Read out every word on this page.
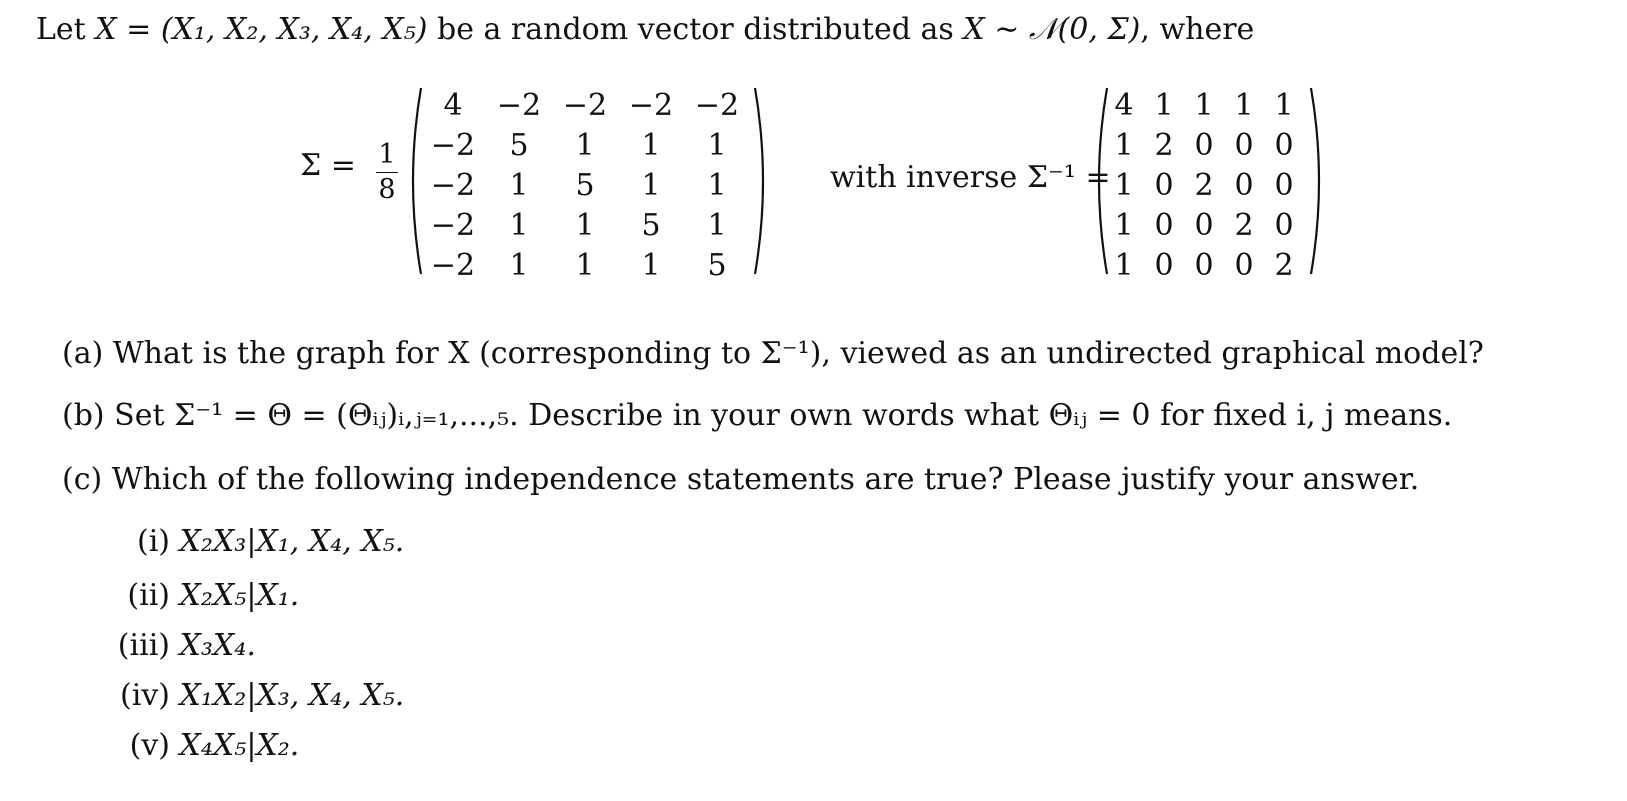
Let X = (X₁, X₂, X₃, X₄, X₅) be a random vector distributed as X ∼ 𝒩(0, Σ), where
Σ = 1
8
4 −2 −2 −2 −2
−2 5 1 1 1
−2 1 5 1 1
−2 1 1 5 1
−2 1 1 1 5
with inverse Σ⁻¹ =
4 1 1 1 1
1 2 0 0 0
1 0 2 0 0
1 0 0 2 0
1 0 0 0 2
(a) What is the graph for X (corresponding to Σ⁻¹), viewed as an undirected graphical model?
(b) Set Σ⁻¹ = Θ = (Θᵢⱼ)ᵢ,ⱼ₌₁,...,₅. Describe in your own words what Θᵢⱼ = 0 for fixed i, j means.
(c) Which of the following independence statements are true? Please justify your answer.
(i) X₂X₃|X₁, X₄, X₅.
(ii) X₂X₅|X₁.
(iii) X₃X₄.
(iv) X₁X₂|X₃, X₄, X₅.
(v) X₄X₅|X₂.
